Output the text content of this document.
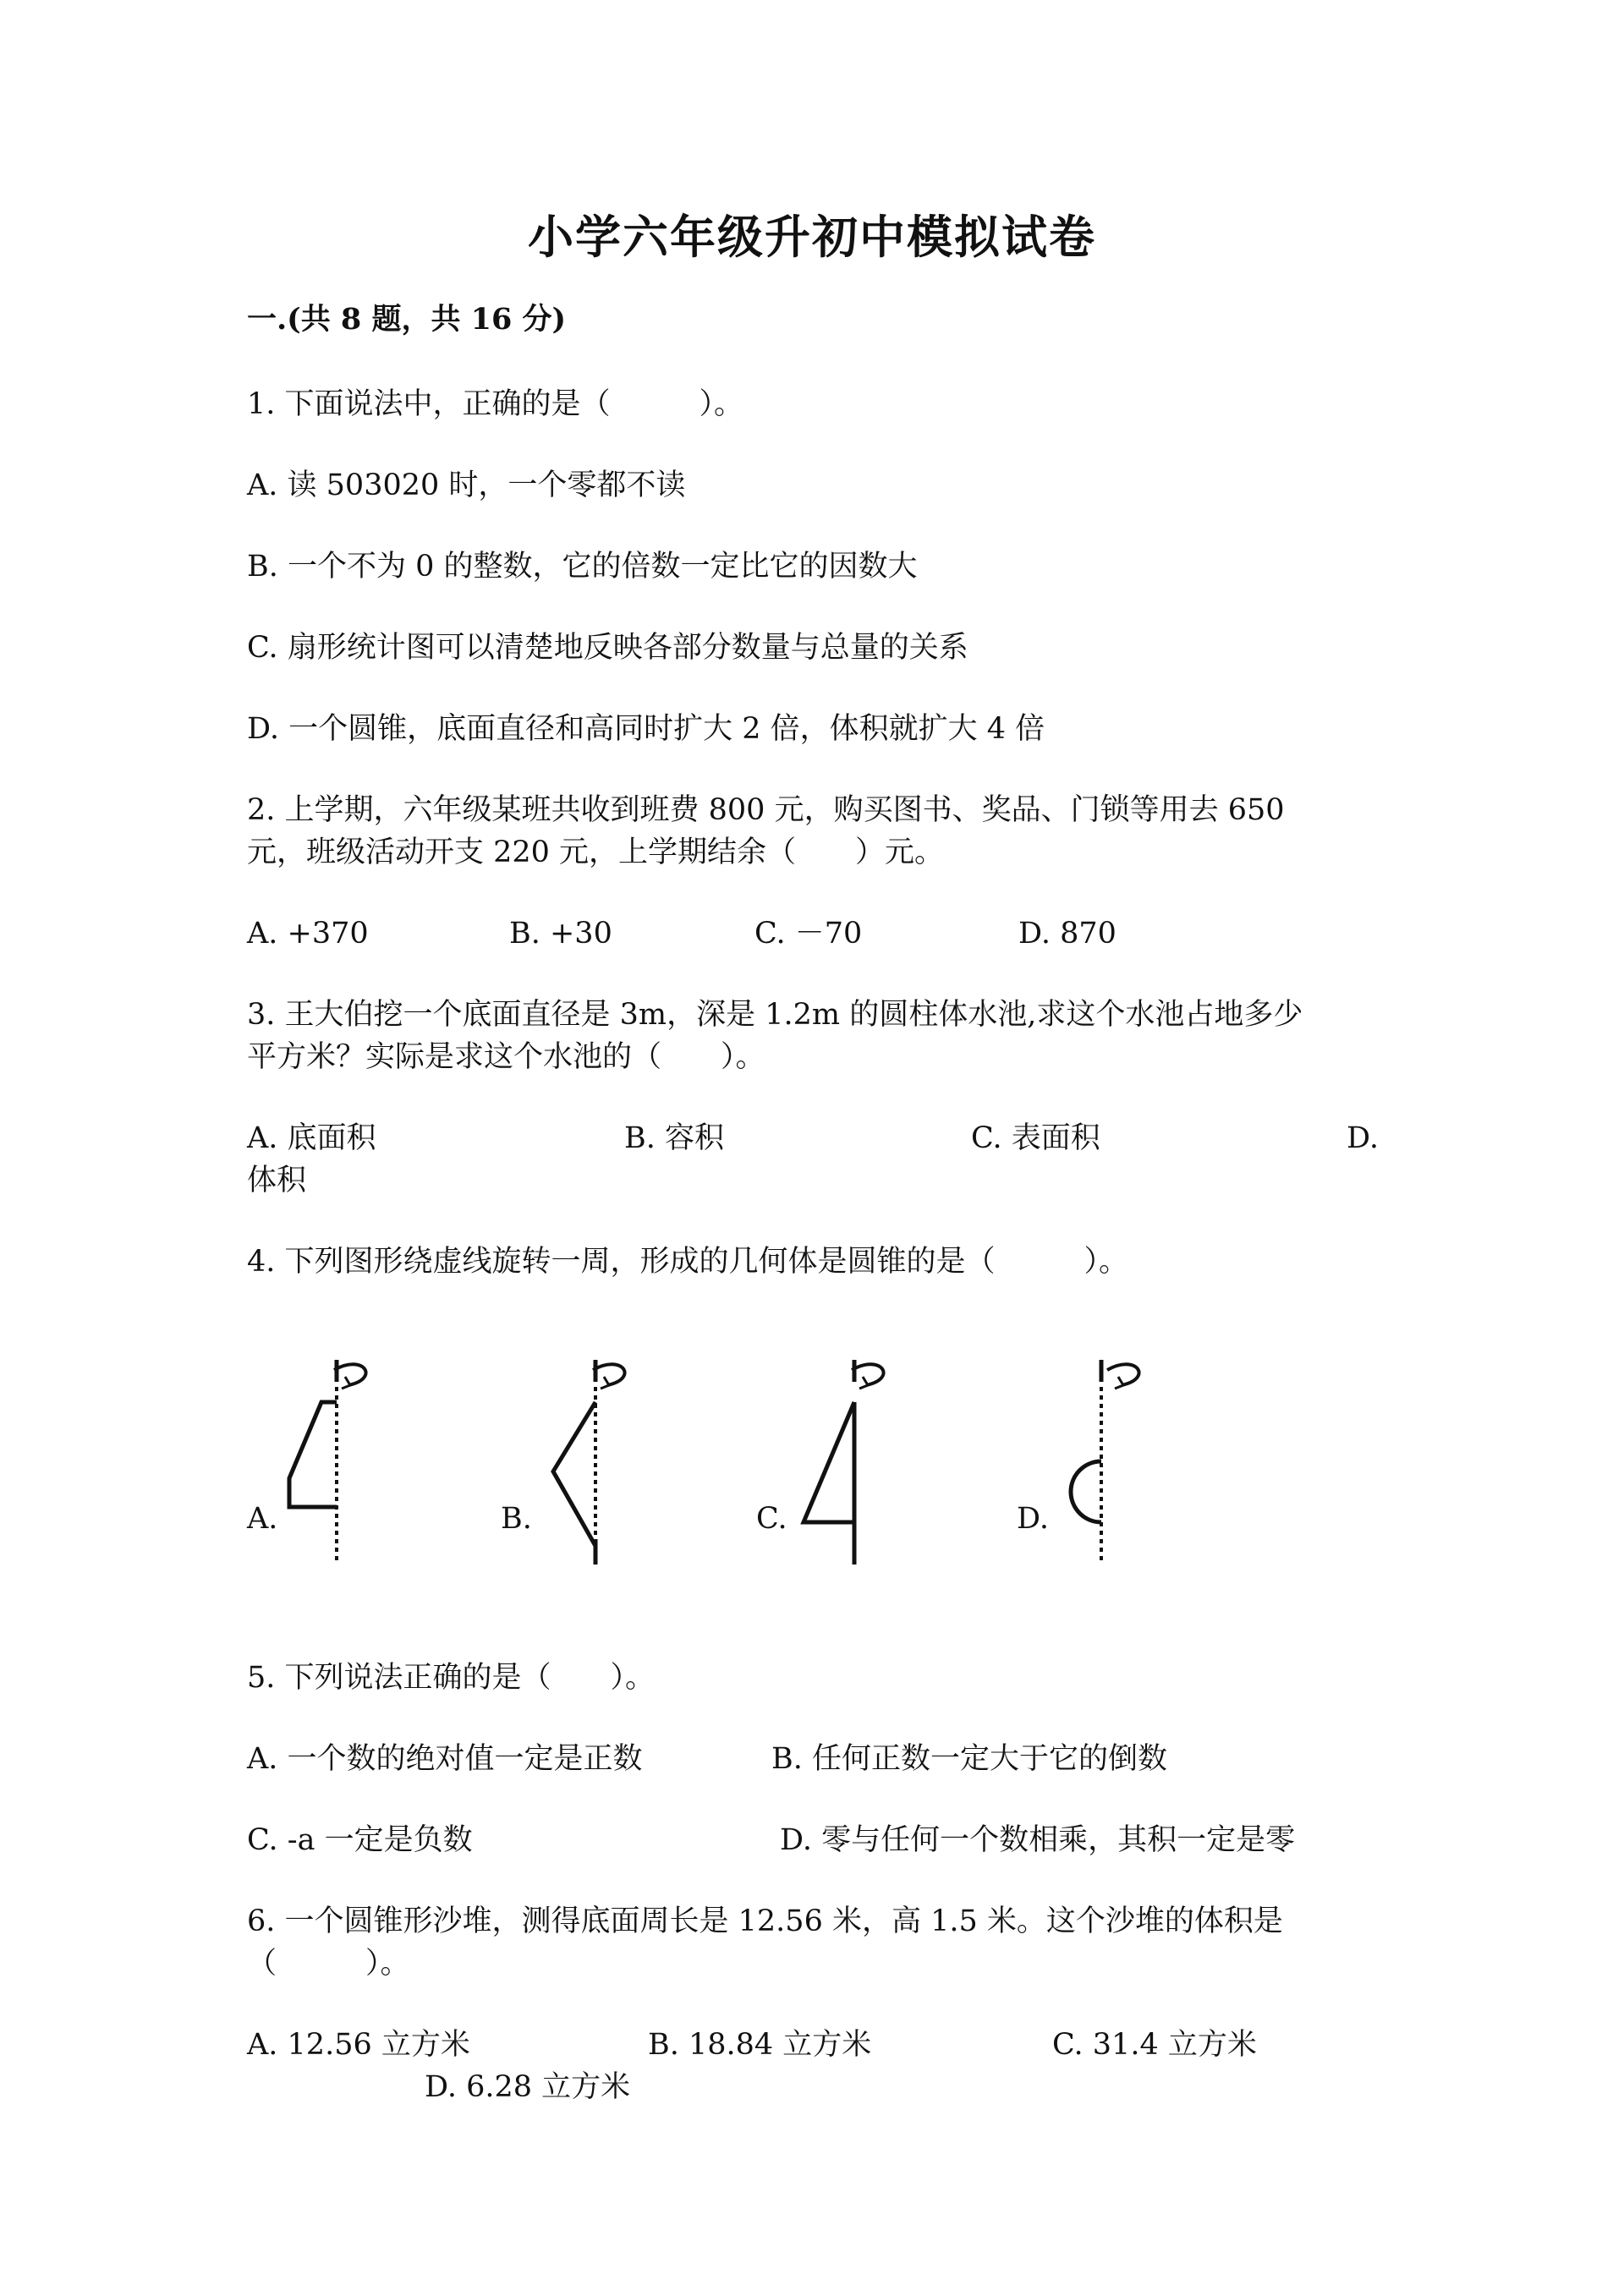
小学六年级升初中模拟试卷
一.(共 8 题，共 16 分)
1. 下面说法中，正确的是（　　　）。
A. 读 503020 时，一个零都不读
B. 一个不为 0 的整数，它的倍数一定比它的因数大
C. 扇形统计图可以清楚地反映各部分数量与总量的关系
D. 一个圆锥，底面直径和高同时扩大 2 倍，体积就扩大 4 倍
2. 上学期，六年级某班共收到班费 800 元，购买图书、奖品、门锁等用去 650
元，班级活动开支 220 元，上学期结余（　　）元。
A. +370	B. +30	C. －70	D. 870
3. 王大伯挖一个底面直径是 3m，深是 1.2m 的圆柱体水池,求这个水池占地多少
平方米？实际是求这个水池的（　　）。
A. 底面积	B. 容积	C. 表面积	D.
体积
4. 下列图形绕虚线旋转一周，形成的几何体是圆锥的是（　　　）。
A.	B.	C.	D.
5. 下列说法正确的是（　　）。
A. 一个数的绝对值一定是正数	B. 任何正数一定大于它的倒数
C. -a 一定是负数	D. 零与任何一个数相乘，其积一定是零
6. 一个圆锥形沙堆，测得底面周长是 12.56 米，高 1.5 米。这个沙堆的体积是
（　　　）。
A. 12.56 立方米	B. 18.84 立方米	C. 31.4 立方米
D. 6.28 立方米
